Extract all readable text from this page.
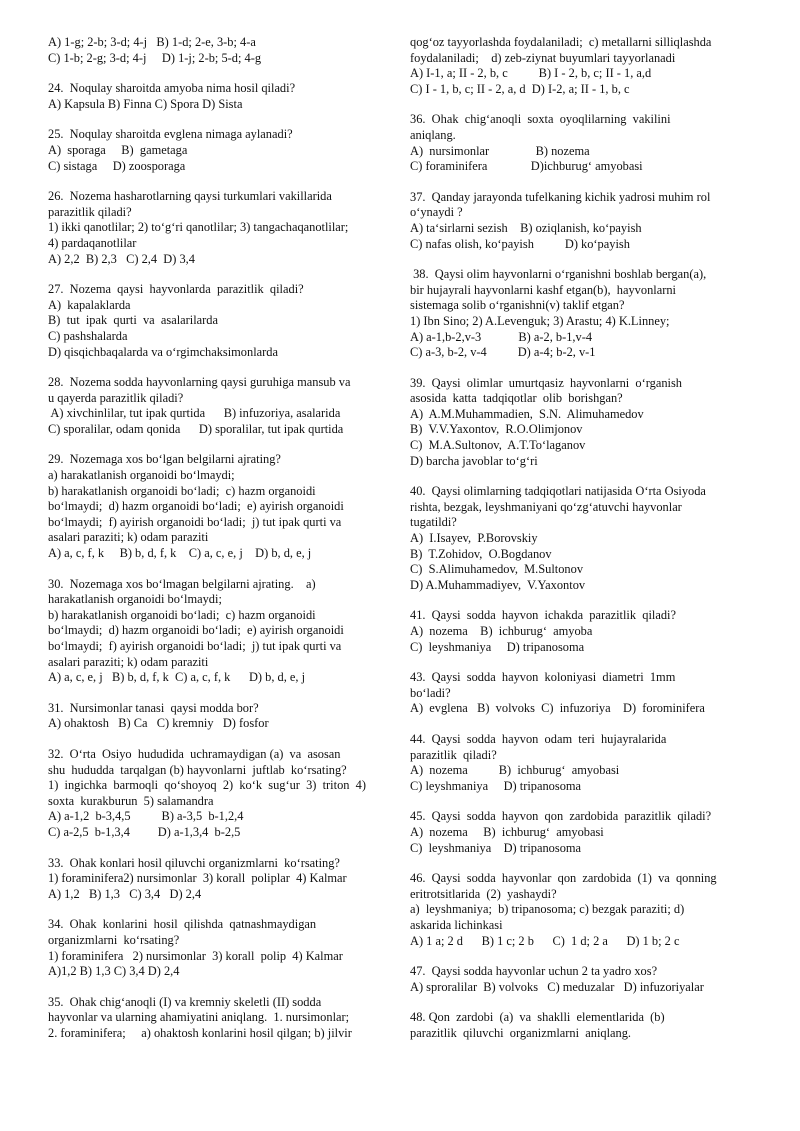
A) 1-g; 2-b; 3-d; 4-j   B) 1-d; 2-e, 3-b; 4-a
C) 1-b; 2-g; 3-d; 4-j     D) 1-j; 2-b; 5-d; 4-g
24.  Noqulay sharoitda amyoba nima hosil qiladi?
A) Kapsula B) Finna C) Spora D) Sista
25.  Noqulay sharoitda evglena nimaga aylanadi?
A)  sporaga     B)  gametaga
C) sistaga     D) zoosporaga
26.  Nozema hasharotlarning qaysi turkumlari vakillarida
parazitlik qiladi?
1) ikki qanotlilar; 2) to‘g‘ri qanotlilar; 3) tangachaqanotlilar;
4) pardaqanotlilar
A) 2,2  B) 2,3   C) 2,4  D) 3,4
27.  Nozema  qaysi  hayvonlarda  parazitlik  qiladi?
A)  kapalaklarda
B)  tut  ipak  qurti  va  asalarilarda
C) pashshalarda
D) qisqichbaqalarda va o‘rgimchaksimonlarda
28.  Nozema sodda hayvonlarning qaysi guruhiga mansub va
u qayerda parazitlik qiladi?
A) xivchinlilar, tut ipak qurtida      B) infuzoriya, asalarida
C) sporalilar, odam qonida      D) sporalilar, tut ipak qurtida
29.  Nozemaga xos bo‘lgan belgilarni ajrating?
a) harakatlanish organoidi bo‘lmaydi;
b) harakatlanish organoidi bo‘ladi;  c) hazm organoidi
bo‘lmaydi;  d) hazm organoidi bo‘ladi;  e) ayirish organoidi
bo‘lmaydi;  f) ayirish organoidi bo‘ladi;  j) tut ipak qurti va
asalari paraziti; k) odam paraziti
A) a, c, f, k     B) b, d, f, k    C) a, c, e, j    D) b, d, e, j
30.  Nozemaga xos bo‘lmagan belgilarni ajrating.    a)
harakatlanish organoidi bo‘lmaydi;
b) harakatlanish organoidi bo‘ladi;  c) hazm organoidi
bo‘lmaydi;  d) hazm organoidi bo‘ladi;  e) ayirish organoidi
bo‘lmaydi;  f) ayirish organoidi bo‘ladi;  j) tut ipak qurti va
asalari paraziti; k) odam paraziti
A) a, c, e, j   B) b, d, f, k  C) a, c, f, k      D) b, d, e, j
31.  Nursimonlar tanasi  qaysi modda bor?
A) ohaktosh   B) Ca   C) kremniy   D) fosfor
32.  O‘rta  Osiyo  hududida  uchramaydigan (a)  va  asosan
shu  hududda  tarqalgan (b) hayvonlarni  juftlab  ko‘rsating?
1)  ingichka  barmoqli  qo‘shoyoq  2)  ko‘k  sug‘ur  3)  triton  4)
soxta  kurakburun  5) salamandra
A) a-1,2  b-3,4,5          B) a-3,5  b-1,2,4
C) a-2,5  b-1,3,4         D) a-1,3,4  b-2,5
33.  Ohak konlari hosil qiluvchi organizmlarni  ko‘rsating?
1) foraminifera2) nursimonlar  3) korall  poliplar  4) Kalmar
A) 1,2   B) 1,3   C) 3,4   D) 2,4
34.  Ohak  konlarini  hosil  qilishda  qatnashmaydigan
organizmlarni  ko‘rsating?
1) foraminifera   2) nursimonlar  3) korall  polip  4) Kalmar
A)1,2 B) 1,3 C) 3,4 D) 2,4
35.  Ohak chig‘anoqli (I) va kremniy skeletli (II) sodda
hayvonlar va ularning ahamiyatini aniqlang.  1. nursimonlar;
2. foraminifera;     a) ohaktosh konlarini hosil qilgan; b) jilvir
qog‘oz tayyorlashda foydalaniladi;  c) metallarni silliqlashda
foydalaniladi;    d) zeb-ziynat buyumlari tayyorlanadi
A) I-1, a; II - 2, b, c          B) I - 2, b, c; II - 1, a,d
C) I - 1, b, c; II - 2, a, d  D) I-2, a; II - 1, b, c
36.  Ohak  chig‘anoqli  soxta  oyoqlilarning  vakilini
aniqlang.
A)  nursimonlar               B) nozema
C) foraminifera              D)ichburug‘ amyobasi
37.  Qanday jarayonda tufelkaning kichik yadrosi muhim rol
o‘ynaydi ?
A) ta‘sirlarni sezish    B) oziqlanish, ko‘payish
C) nafas olish, ko‘payish          D) ko‘payish
38.  Qaysi olim hayvonlarni o‘rganishni boshlab bergan(a),
bir hujayrali hayvonlarni kashf etgan(b),  hayvonlarni
sistemaga solib o‘rganishni(v) taklif etgan?
1) Ibn Sino; 2) A.Levenguk; 3) Arastu; 4) K.Linney;
A) a-1,b-2,v-3            B) a-2, b-1,v-4
C) a-3, b-2, v-4          D) a-4; b-2, v-1
39.  Qaysi  olimlar  umurtqasiz  hayvonlarni  o‘rganish
asosida  katta  tadqiqotlar  olib  borishgan?
A)  A.M.Muhammadien,  S.N.  Alimuhamedov
B)  V.V.Yaxontov,  R.O.Olimjonov
C)  M.A.Sultonov,  A.T.To‘laganov
D) barcha javoblar to‘g‘ri
40.  Qaysi olimlarning tadqiqotlari natijasida O‘rta Osiyoda
rishta, bezgak, leyshmaniyani qo‘zg‘atuvchi hayvonlar
tugatildi?
A)  I.Isayev,  P.Borovskiy
B)  T.Zohidov,  O.Bogdanov
C)  S.Alimuhamedov,  M.Sultonov
D) A.Muhammadiyev,  V.Yaxontov
41.  Qaysi  sodda  hayvon  ichakda  parazitlik  qiladi?
A)  nozema    B)  ichburug‘  amyoba
C)  leyshmaniya     D) tripanosoma
43.  Qaysi  sodda  hayvon  koloniyasi  diametri  1mm
bo‘ladi?
A)  evglena   B)  volvoks  C)  infuzoriya    D)  forominifera
44.  Qaysi  sodda  hayvon  odam  teri  hujayralarida
parazitlik  qiladi?
A)  nozema          B)  ichburug‘  amyobasi
C) leyshmaniya     D) tripanosoma
45.  Qaysi  sodda  hayvon  qon  zardobida  parazitlik  qiladi?
A)  nozema     B)  ichburug‘  amyobasi
C)  leyshmaniya    D) tripanosoma
46.  Qaysi  sodda  hayvonlar  qon  zardobida  (1)  va  qonning
eritrotsitlarida  (2)  yashaydi?
a)  leyshmaniya;  b) tripanosoma; c) bezgak paraziti; d)
askarida lichinkasi
A) 1 a; 2 d      B) 1 c; 2 b      C)  1 d; 2 a      D) 1 b; 2 c
47.  Qaysi sodda hayvonlar uchun 2 ta yadro xos?
A) sproralilar  B) volvoks   C) meduzalar   D) infuzoriyalar
48. Qon  zardobi  (a)  va  shaklli  elementlarida  (b)
parazitlik  qiluvchi  organizmlarni  aniqlang.
